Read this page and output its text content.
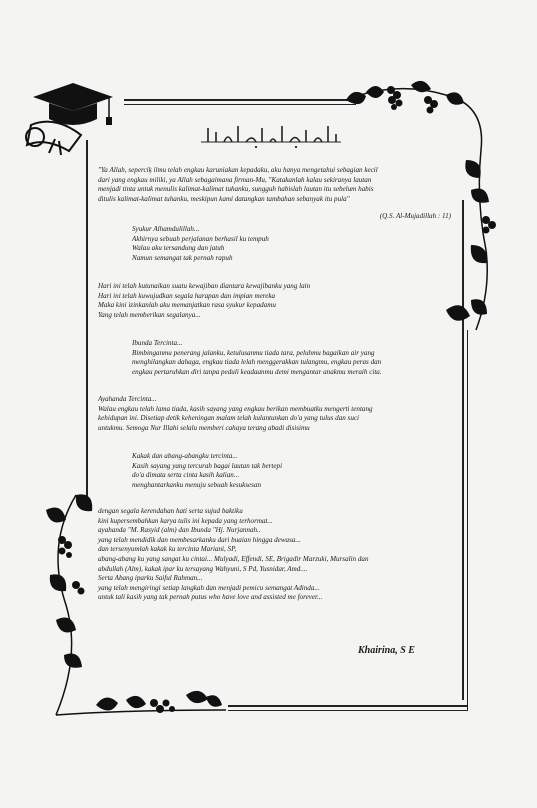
"Ya Allah, seperciķ ilmu telah engkau karuniakan kepadaku, aku hanya mengetahui sebagian kecil
dari yang engkau miliki, ya Allah sebagaimana firman-Mu, "Katakanlah kalau sekiranya lautan
menjadi tinta untuk menulis kalimat-kalimat tuhanku, sungguh habislah lautan itu sebelum habis
ditulis kalimat-kalimat tuhanku, meskipun kami datangkan tambahan sebanyak itu pula"
(Q.S. Al-Mujadillah : 11)
Syukur Alhamdulillah...
Akhirnya sebuah perjalanan berhasil ku tempuh
Walau aku tersandung dan jatuh
Namun semangat tak pernah rapuh
Hari ini telah kutunaikan suatu kewajiban diantara kewajibanku yang lain
Hari ini telah kuwujudkan segala harapan dan impian mereka
Maka kini izinkanlah aku memanjatkan rasa syukur kepadamu
Yang telah memberikan segalanya...
Ibunda Tercinta...
Bimbinganmu penerang jalanku, ketulusanmu tiada tara, peluhmu bagaikan air yang
menghilangkan dahaga, engkau tiada lelah menggerakkan tulangmu, engkau peras dan
engkau pertaruhkan diri tanpa peduli keadaanmu demi mengantar anakmu meraih cita.
Ayahanda Tercinta...
Walau engkau telah lama tiada, kasih sayang yang engkau berikan membuatku mengerti tentang
kehidupan ini. Disetiap detik keheningan malam telah kulantunkan do'a yang tulus dan suci
untukmu. Semoga Nur Illahi selalu memberi cahaya terang abadi disisimu
Kakak dan abang-abangku tercinta...
Kasih sayang yang tercurah bagai lautan tak bertepi
do'a dimata serta cinta kasih kalian...
menghantarkanku menuju sebuah kesuksesan
dengan segala kerendahan hati serta sujud baktiku
kini kupersembahkan karya tulis ini kepada yang terhormat...
ayahanda "M. Rasyid (alm) dan Ibunda "Hj. Nurjannah..
yang telah mendidik dan membesarkanku dari buaian hingga dewasa...
dan tersenyumlah kakak ku tercinta Mariani, SP,
abang-abang ku yang sangat ku cintai... Mulyadi, Effendi, SE, Brigadir Marzuki, Mursalin dan
abdullah (Alm), kakak ipar ku tersayang Wahyuni, S Pd, Yusnidar, Amd....
Serta Abang iparku Saiful Rahman...
yang telah mengiringi setiap langkah dan menjadi pemicu semangat Adinda...
untuk tali kasih yang tak pernah putus who have love and assisted me forever...
Khairina, S E
